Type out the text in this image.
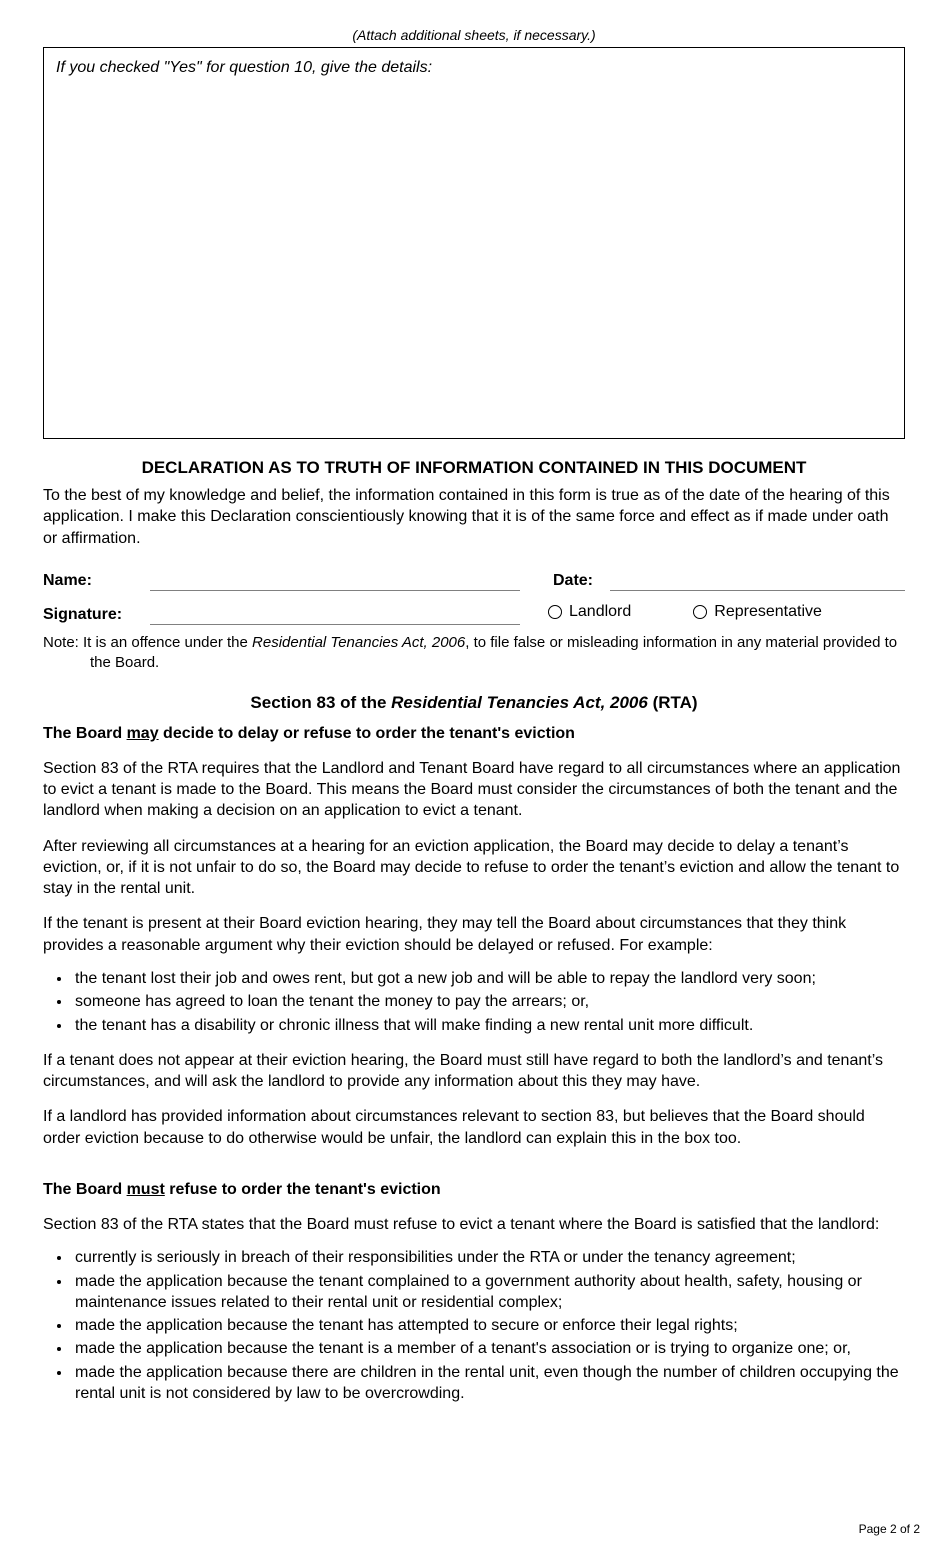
(Attach additional sheets, if necessary.)
If you checked "Yes" for question 10, give the details:
DECLARATION AS TO TRUTH OF INFORMATION CONTAINED IN THIS DOCUMENT
To the best of my knowledge and belief, the information contained in this form is true as of the date of the hearing of this application. I make this Declaration conscientiously knowing that it is of the same force and effect as if made under oath or affirmation.
Name:	Date:
Signature:	Landlord	Representative
Note: It is an offence under the Residential Tenancies Act, 2006, to file false or misleading information in any material provided to the Board.
Section 83 of the Residential Tenancies Act, 2006 (RTA)
The Board may decide to delay or refuse to order the tenant's eviction
Section 83 of the RTA requires that the Landlord and Tenant Board have regard to all circumstances where an application to evict a tenant is made to the Board. This means the Board must consider the circumstances of both the tenant and the landlord when making a decision on an application to evict a tenant.
After reviewing all circumstances at a hearing for an eviction application, the Board may decide to delay a tenant’s eviction, or, if it is not unfair to do so, the Board may decide to refuse to order the tenant’s eviction and allow the tenant to stay in the rental unit.
If the tenant is present at their Board eviction hearing, they may tell the Board about circumstances that they think provides a reasonable argument why their eviction should be delayed or refused. For example:
• the tenant lost their job and owes rent, but got a new job and will be able to repay the landlord very soon;
• someone has agreed to loan the tenant the money to pay the arrears; or,
• the tenant has a disability or chronic illness that will make finding a new rental unit more difficult.
If a tenant does not appear at their eviction hearing, the Board must still have regard to both the landlord’s and tenant’s circumstances, and will ask the landlord to provide any information about this they may have.
If a landlord has provided information about circumstances relevant to section 83, but believes that the Board should order eviction because to do otherwise would be unfair, the landlord can explain this in the box too.
The Board must refuse to order the tenant's eviction
Section 83 of the RTA states that the Board must refuse to evict a tenant where the Board is satisfied that the landlord:
• currently is seriously in breach of their responsibilities under the RTA or under the tenancy agreement;
• made the application because the tenant complained to a government authority about health, safety, housing or maintenance issues related to their rental unit or residential complex;
• made the application because the tenant has attempted to secure or enforce their legal rights;
• made the application because the tenant is a member of a tenant's association or is trying to organize one; or,
• made the application because there are children in the rental unit, even though the number of children occupying the rental unit is not considered by law to be overcrowding.
Page 2 of 2
